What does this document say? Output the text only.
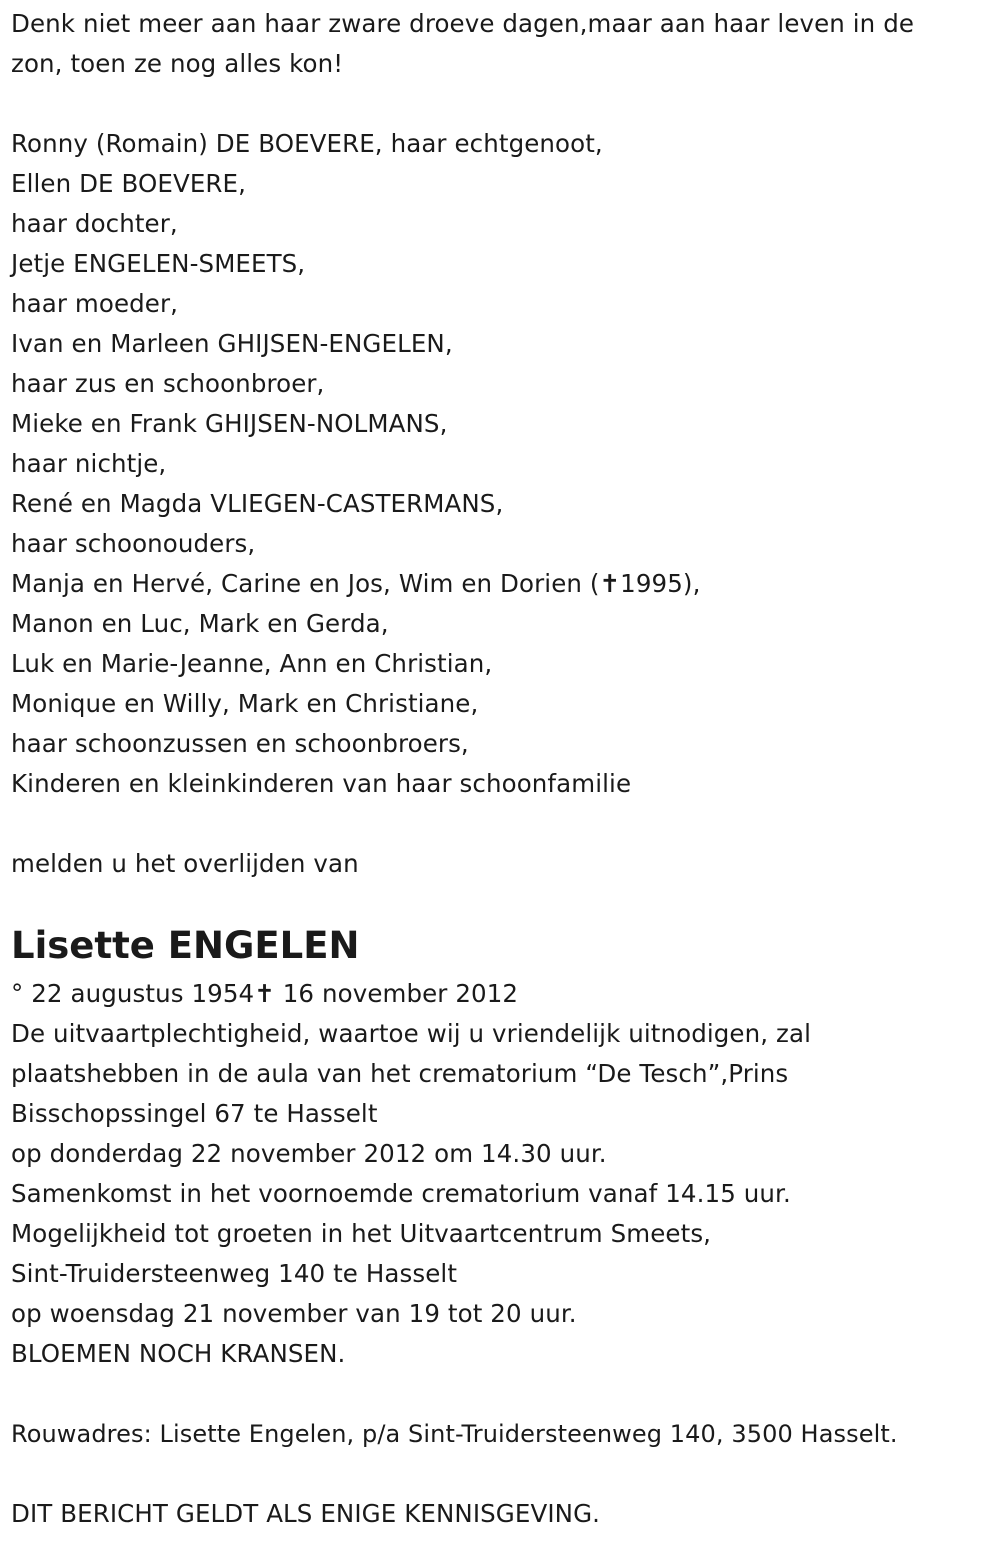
Denk niet meer aan haar zware droeve dagen,maar aan haar leven in de
zon, toen ze nog alles kon!
Ronny (Romain) DE BOEVERE, haar echtgenoot,
Ellen DE BOEVERE,
haar dochter,
Jetje ENGELEN-SMEETS,
haar moeder,
Ivan en Marleen GHIJSEN-ENGELEN,
haar zus en schoonbroer,
Mieke en Frank GHIJSEN-NOLMANS,
haar nichtje,
René en Magda VLIEGEN-CASTERMANS,
haar schoonouders,
Manja en Hervé, Carine en Jos, Wim en Dorien (✝1995),
Manon en Luc, Mark en Gerda,
Luk en Marie-Jeanne, Ann en Christian,
Monique en Willy, Mark en Christiane,
haar schoonzussen en schoonbroers,
Kinderen en kleinkinderen van haar schoonfamilie
melden u het overlijden van
Lisette ENGELEN
° 22 augustus 1954✝ 16 november 2012
De uitvaartplechtigheid, waartoe wij u vriendelijk uitnodigen, zal
plaatshebben in de aula van het crematorium “De Tesch”,Prins
Bisschopssingel 67 te Hasselt
op donderdag 22 november 2012 om 14.30 uur.
Samenkomst in het voornoemde crematorium vanaf 14.15 uur.
Mogelijkheid tot groeten in het Uitvaartcentrum Smeets,
Sint-Truidersteenweg 140 te Hasselt
op woensdag 21 november van 19 tot 20 uur.
BLOEMEN NOCH KRANSEN.
Rouwadres: Lisette Engelen, p/a Sint-Truidersteenweg 140, 3500 Hasselt.
DIT BERICHT GELDT ALS ENIGE KENNISGEVING.
